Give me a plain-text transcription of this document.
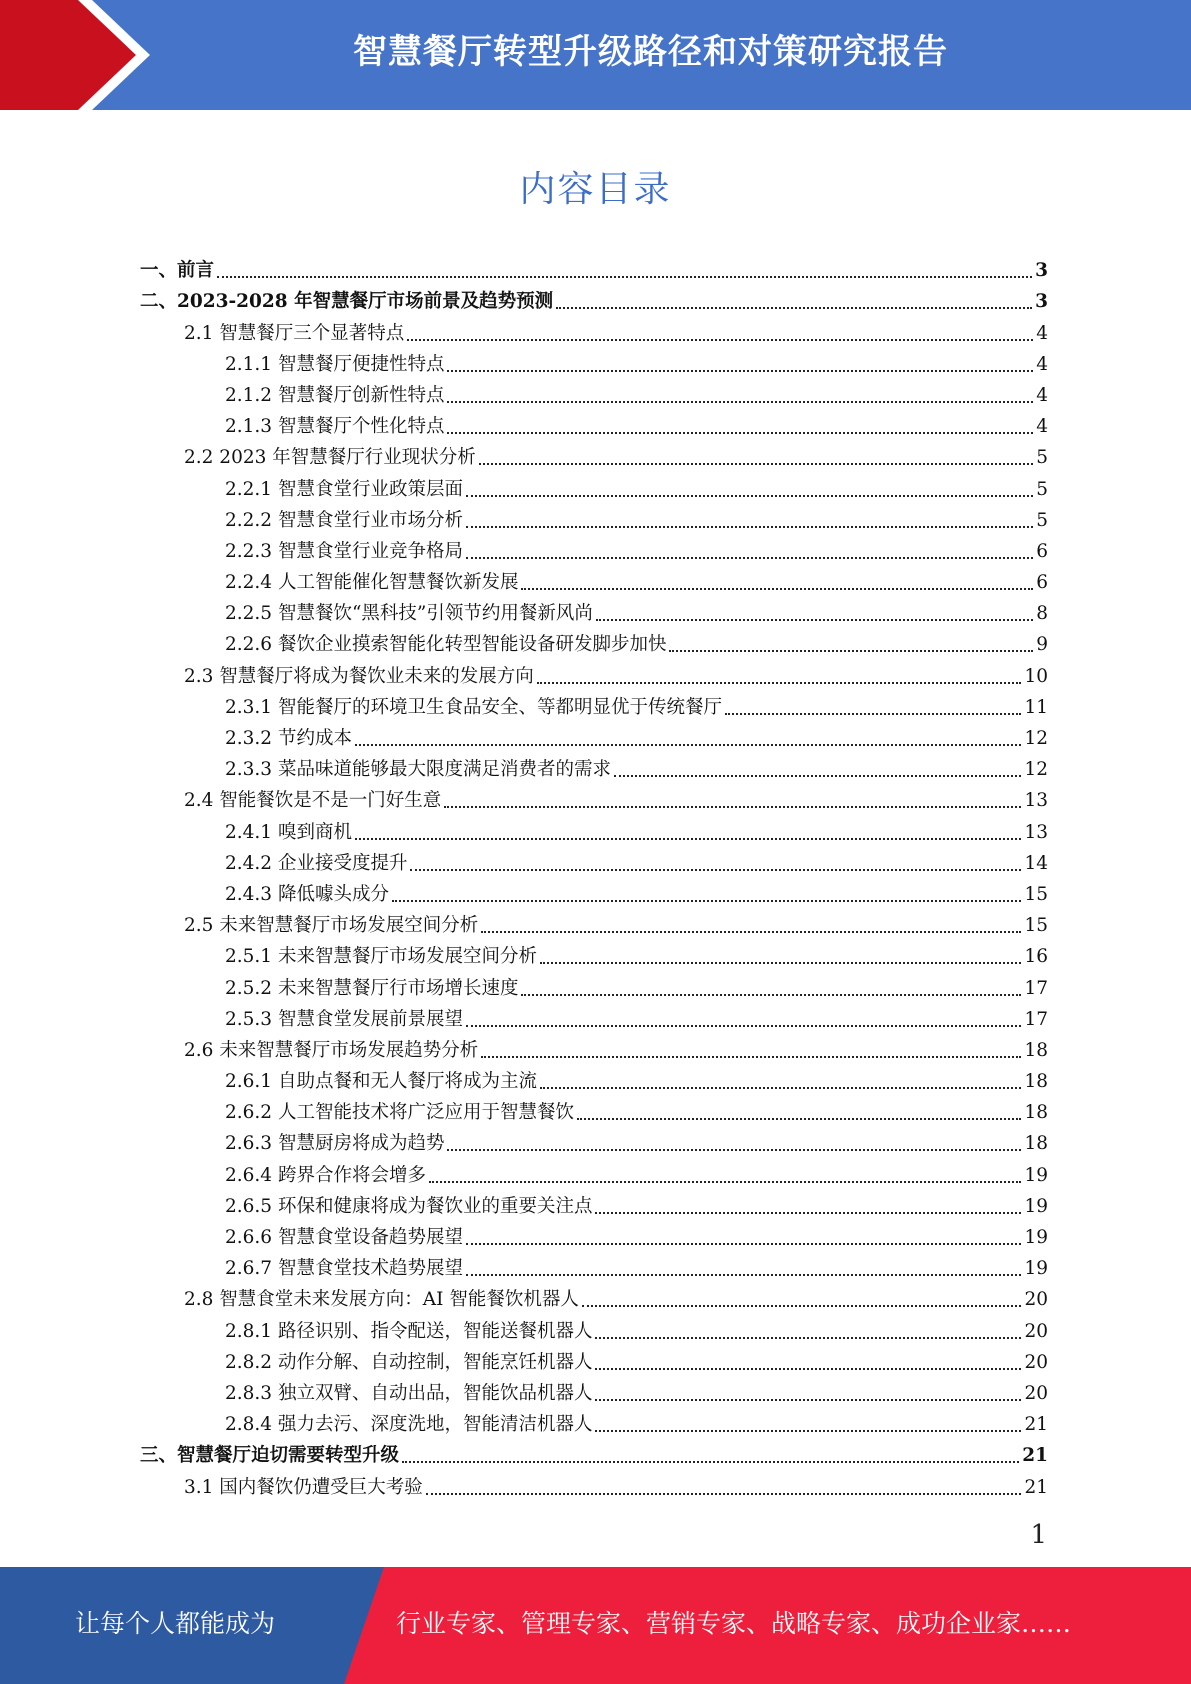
智慧餐厅转型升级路径和对策研究报告
内容目录
一、前言	3
二、2023-2028 年智慧餐厅市场前景及趋势预测	3
2.1 智慧餐厅三个显著特点	4
2.1.1 智慧餐厅便捷性特点	4
2.1.2 智慧餐厅创新性特点	4
2.1.3 智慧餐厅个性化特点	4
2.2 2023 年智慧餐厅行业现状分析	5
2.2.1 智慧食堂行业政策层面	5
2.2.2 智慧食堂行业市场分析	5
2.2.3 智慧食堂行业竞争格局	6
2.2.4 人工智能催化智慧餐饮新发展	6
2.2.5 智慧餐饮“黑科技”引领节约用餐新风尚	8
2.2.6 餐饮企业摸索智能化转型智能设备研发脚步加快	9
2.3 智慧餐厅将成为餐饮业未来的发展方向	10
2.3.1 智能餐厅的环境卫生食品安全、等都明显优于传统餐厅	11
2.3.2 节约成本	12
2.3.3 菜品味道能够最大限度满足消费者的需求	12
2.4 智能餐饮是不是一门好生意	13
2.4.1 嗅到商机	13
2.4.2 企业接受度提升	14
2.4.3 降低噱头成分	15
2.5 未来智慧餐厅市场发展空间分析	15
2.5.1 未来智慧餐厅市场发展空间分析	16
2.5.2 未来智慧餐厅行市场增长速度	17
2.5.3 智慧食堂发展前景展望	17
2.6 未来智慧餐厅市场发展趋势分析	18
2.6.1 自助点餐和无人餐厅将成为主流	18
2.6.2 人工智能技术将广泛应用于智慧餐饮	18
2.6.3 智慧厨房将成为趋势	18
2.6.4 跨界合作将会增多	19
2.6.5 环保和健康将成为餐饮业的重要关注点	19
2.6.6 智慧食堂设备趋势展望	19
2.6.7 智慧食堂技术趋势展望	19
2.8 智慧食堂未来发展方向：AI 智能餐饮机器人	20
2.8.1 路径识别、指令配送，智能送餐机器人	20
2.8.2 动作分解、自动控制，智能烹饪机器人	20
2.8.3 独立双臂、自动出品，智能饮品机器人	20
2.8.4 强力去污、深度洗地，智能清洁机器人	21
三、智慧餐厅迫切需要转型升级	21
3.1 国内餐饮仍遭受巨大考验	21
1
让每个人都能成为	行业专家、管理专家、营销专家、战略专家、成功企业家……
